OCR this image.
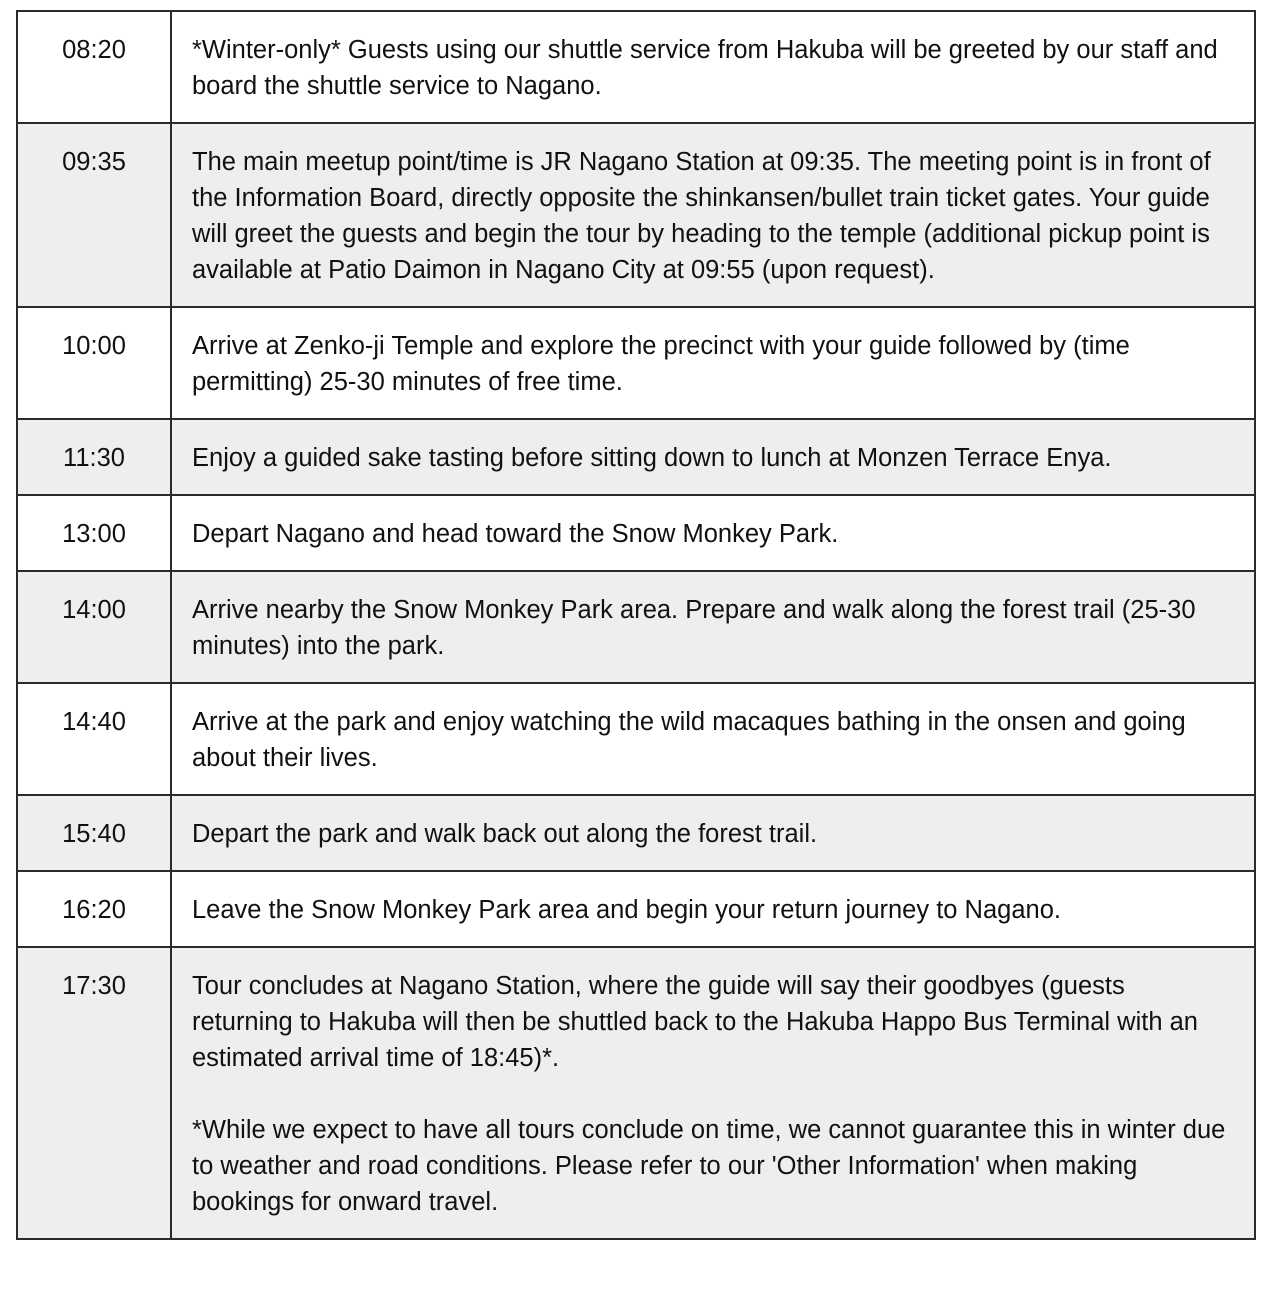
08:20	*Winter-only* Guests using our shuttle service from Hakuba will be greeted by our staff and board the shuttle service to Nagano.

09:35	The main meetup point/time is JR Nagano Station at 09:35. The meeting point is in front of the Information Board, directly opposite the shinkansen/bullet train ticket gates. Your guide will greet the guests and begin the tour by heading to the temple (additional pickup point is available at Patio Daimon in Nagano City at 09:55 (upon request).

10:00	Arrive at Zenko-ji Temple and explore the precinct with your guide followed by (time permitting) 25-30 minutes of free time.

11:30	Enjoy a guided sake tasting before sitting down to lunch at Monzen Terrace Enya.

13:00	Depart Nagano and head toward the Snow Monkey Park.

14:00	Arrive nearby the Snow Monkey Park area. Prepare and walk along the forest trail (25-30 minutes) into the park.

14:40	Arrive at the park and enjoy watching the wild macaques bathing in the onsen and going about their lives.

15:40	Depart the park and walk back out along the forest trail.

16:20	Leave the Snow Monkey Park area and begin your return journey to Nagano.

17:30	Tour concludes at Nagano Station, where the guide will say their goodbyes (guests returning to Hakuba will then be shuttled back to the Hakuba Happo Bus Terminal with an estimated arrival time of 18:45)*.
*While we expect to have all tours conclude on time, we cannot guarantee this in winter due to weather and road conditions. Please refer to our 'Other Information' when making bookings for onward travel.
